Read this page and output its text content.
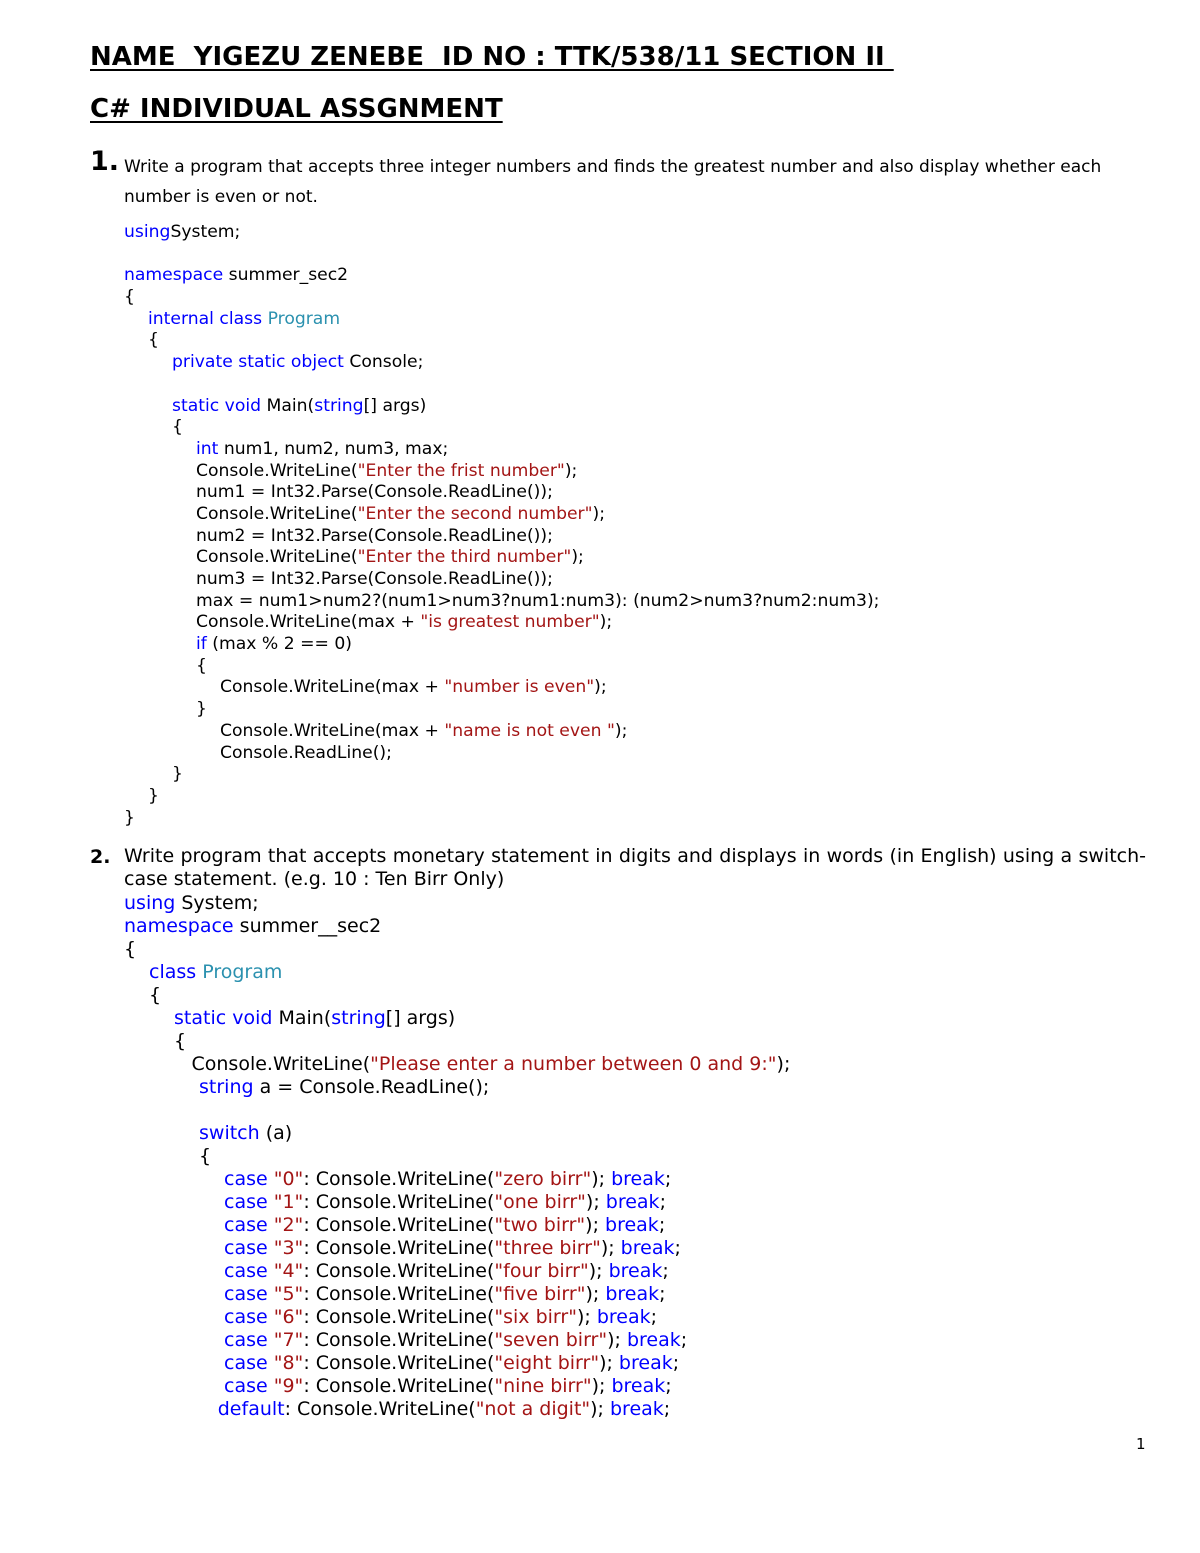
NAME  YIGEZU ZENEBE  ID NO : TTK/538/11 SECTION II
C# INDIVIDUAL ASSGNMENT
1. Write a program that accepts three integer numbers and finds the greatest number and also display whether each number is even or not.
usingSystem;
namespace summer_sec2
{
internal class Program
{
private static object Console;
static void Main(string[] args)
{
int num1, num2, num3, max;
Console.WriteLine("Enter the frist number");
num1 = Int32.Parse(Console.ReadLine());
Console.WriteLine("Enter the second number");
num2 = Int32.Parse(Console.ReadLine());
Console.WriteLine("Enter the third number");
num3 = Int32.Parse(Console.ReadLine());
max = num1>num2?(num1>num3?num1:num3): (num2>num3?num2:num3);
Console.WriteLine(max + "is greatest number");
if (max % 2 == 0)
{
Console.WriteLine(max + "number is even");
}
Console.WriteLine(max + "name is not even ");
Console.ReadLine();
}
}
}
2. Write program that accepts monetary statement in digits and displays in words (in English) using a switch-case statement. (e.g. 10 : Ten Birr Only)
using System;
namespace summer__sec2
{
class Program
{
static void Main(string[] args)
{
Console.WriteLine("Please enter a number between 0 and 9:");
string a = Console.ReadLine();
switch (a)
{
case "0": Console.WriteLine("zero birr"); break;
case "1": Console.WriteLine("one birr"); break;
case "2": Console.WriteLine("two birr"); break;
case "3": Console.WriteLine("three birr"); break;
case "4": Console.WriteLine("four birr"); break;
case "5": Console.WriteLine("five birr"); break;
case "6": Console.WriteLine("six birr"); break;
case "7": Console.WriteLine("seven birr"); break;
case "8": Console.WriteLine("eight birr"); break;
case "9": Console.WriteLine("nine birr"); break;
default: Console.WriteLine("not a digit"); break;
1
